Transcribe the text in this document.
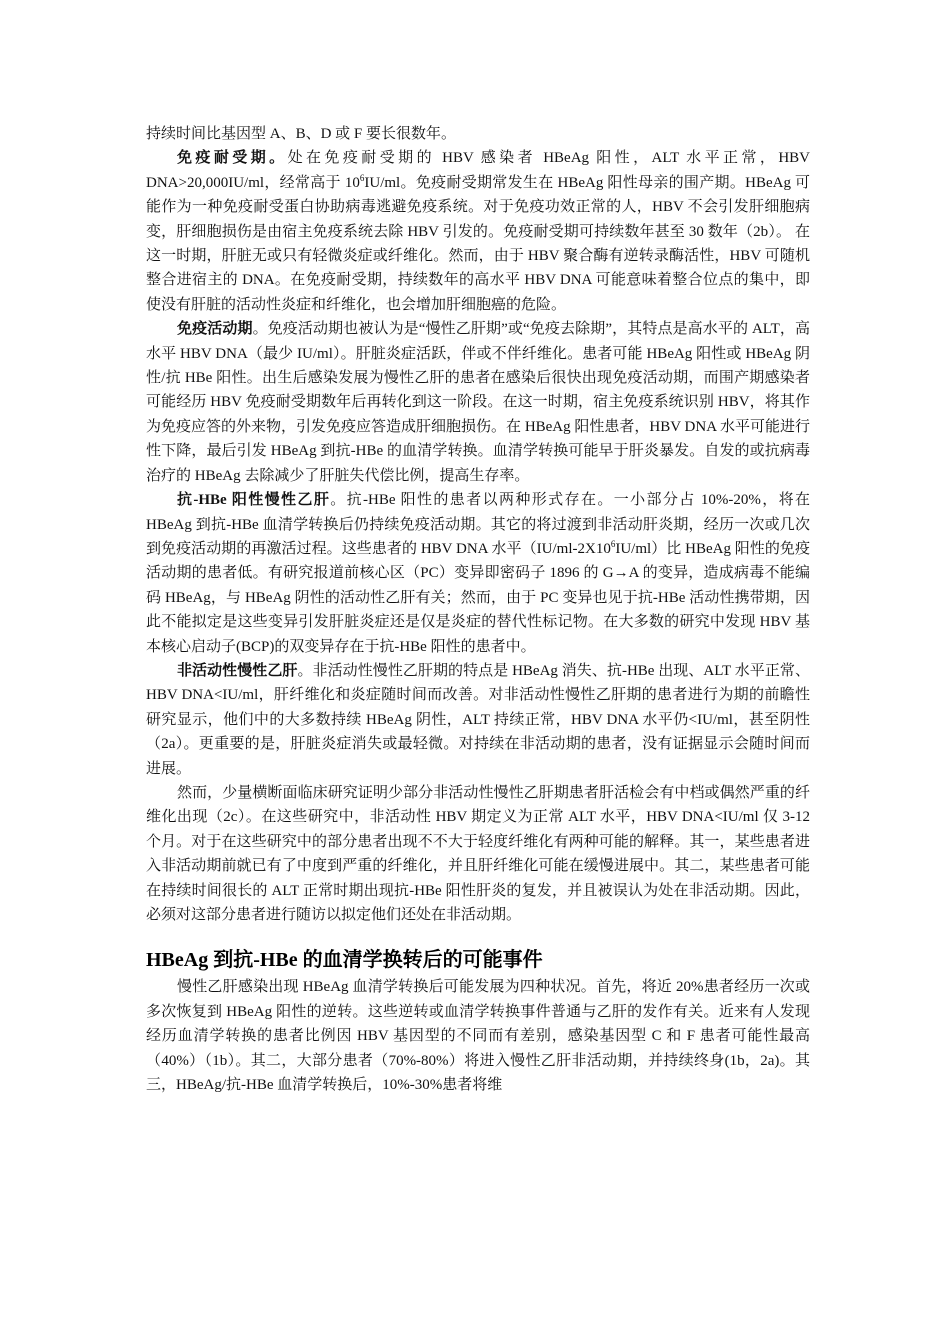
持续时间比基因型 A、B、D 或 F 要长很数年。

免疫耐受期。处在免疫耐受期的 HBV 感染者 HBeAg 阳性，ALT 水平正常，HBV DNA>20,000IU/ml，经常高于 $10^6IU/ml$。免疫耐受期常发生在 HBeAg 阳性母亲的围产期。HBeAg 可能作为一种免疫耐受蛋白协助病毒逃避免疫系统。对于免疫功效正常的人，HBV 不会引发肝细胞病变，肝细胞损伤是由宿主免疫系统去除 HBV 引发的。免疫耐受期可持续数年甚至 30 数年（2b）。 在这一时期，肝脏无或只有轻微炎症或纤维化。然而，由于 HBV 聚合酶有逆转录酶活性，HBV 可随机整合进宿主的 DNA。在免疫耐受期，持续数年的高水平 HBV DNA 可能意味着整合位点的集中，即使没有肝脏的活动性炎症和纤维化，也会增加肝细胞癌的危险。

免疫活动期。免疫活动期也被认为是“慢性乙肝期”或“免疫去除期”，其特点是高水平的 ALT，高水平 HBV DNA（最少 IU/ml）。肝脏炎症活跃，伴或不伴纤维化。患者可能 HBeAg 阳性或 HBeAg 阴性/抗 HBe 阳性。出生后感染发展为慢性乙肝的患者在感染后很快出现免疫活动期，而围产期感染者可能经历 HBV 免疫耐受期数年后再转化到这一阶段。在这一时期，宿主免疫系统识别 HBV，将其作为免疫应答的外来物，引发免疫应答造成肝细胞损伤。在 HBeAg 阳性患者，HBV DNA 水平可能进行性下降，最后引发 HBeAg 到抗-HBe 的血清学转换。血清学转换可能早于肝炎暴发。自发的或抗病毒治疗的 HBeAg 去除减少了肝脏失代偿比例，提高生存率。

抗-HBe 阳性慢性乙肝。抗-HBe 阳性的患者以两种形式存在。一小部分占 10%-20%，将在 HBeAg 到抗-HBe 血清学转换后仍持续免疫活动期。其它的将过渡到非活动肝炎期，经历一次或几次到免疫活动期的再激活过程。这些患者的 HBV DNA 水平$(IU/ml-2X10^6IU/ml)$比 HBeAg 阳性的免疫活动期的患者低。有研究报道前核心区（PC）变异即密码子 1896 的 G→A 的变异，造成病毒不能编码 HBeAg，与 HBeAg 阴性的活动性乙肝有关；然而，由于 PC 变异也见于抗-HBe 活动性携带期，因此不能拟定是这些变异引发肝脏炎症还是仅是炎症的替代性标记物。在大多数的研究中发现 HBV 基本核心启动子(BCP)的双变异存在于抗-HBe 阳性的患者中。

非活动性慢性乙肝。非活动性慢性乙肝期的特点是 HBeAg 消失、抗-HBe 出现、ALT 水平正常、HBV DNA<IU/ml，肝纤维化和炎症随时间而改善。对非活动性慢性乙肝期的患者进行为期的前瞻性研究显示，他们中的大多数持续 HBeAg 阴性，ALT 持续正常，HBV DNA 水平仍<IU/ml，甚至阴性（2a）。更重要的是，肝脏炎症消失或最轻微。对持续在非活动期的患者，没有证据显示会随时间而进展。

然而，少量横断面临床研究证明少部分非活动性慢性乙肝期患者肝活检会有中档或偶然严重的纤维化出现（2c）。在这些研究中，非活动性 HBV 期定义为正常 ALT 水平，HBV DNA<IU/ml 仅 3-12 个月。对于在这些研究中的部分患者出现不不大于轻度纤维化有两种可能的解释。其一，某些患者进入非活动期前就已有了中度到严重的纤维化，并且肝纤维化可能在缓慢进展中。其二，某些患者可能在持续时间很长的 ALT 正常时期出现抗-HBe 阳性肝炎的复发，并且被误认为处在非活动期。因此，必须对这部分患者进行随访以拟定他们还处在非活动期。

HBeAg 到抗-HBe 的血清学换转后的可能事件

慢性乙肝感染出现 HBeAg 血清学转换后可能发展为四种状况。首先，将近 20%患者经历一次或多次恢复到 HBeAg 阳性的逆转。这些逆转或血清学转换事件普通与乙肝的发作有关。近来有人发现经历血清学转换的患者比例因 HBV 基因型的不同而有差别，感染基因型 C 和 F 患者可能性最高（40%）（1b）。其二，大部分患者（70%-80%）将进入慢性乙肝非活动期，并持续终身(1b，2a)。其三，HBeAg/抗-HBe 血清学转换后，10%-30%患者将维
